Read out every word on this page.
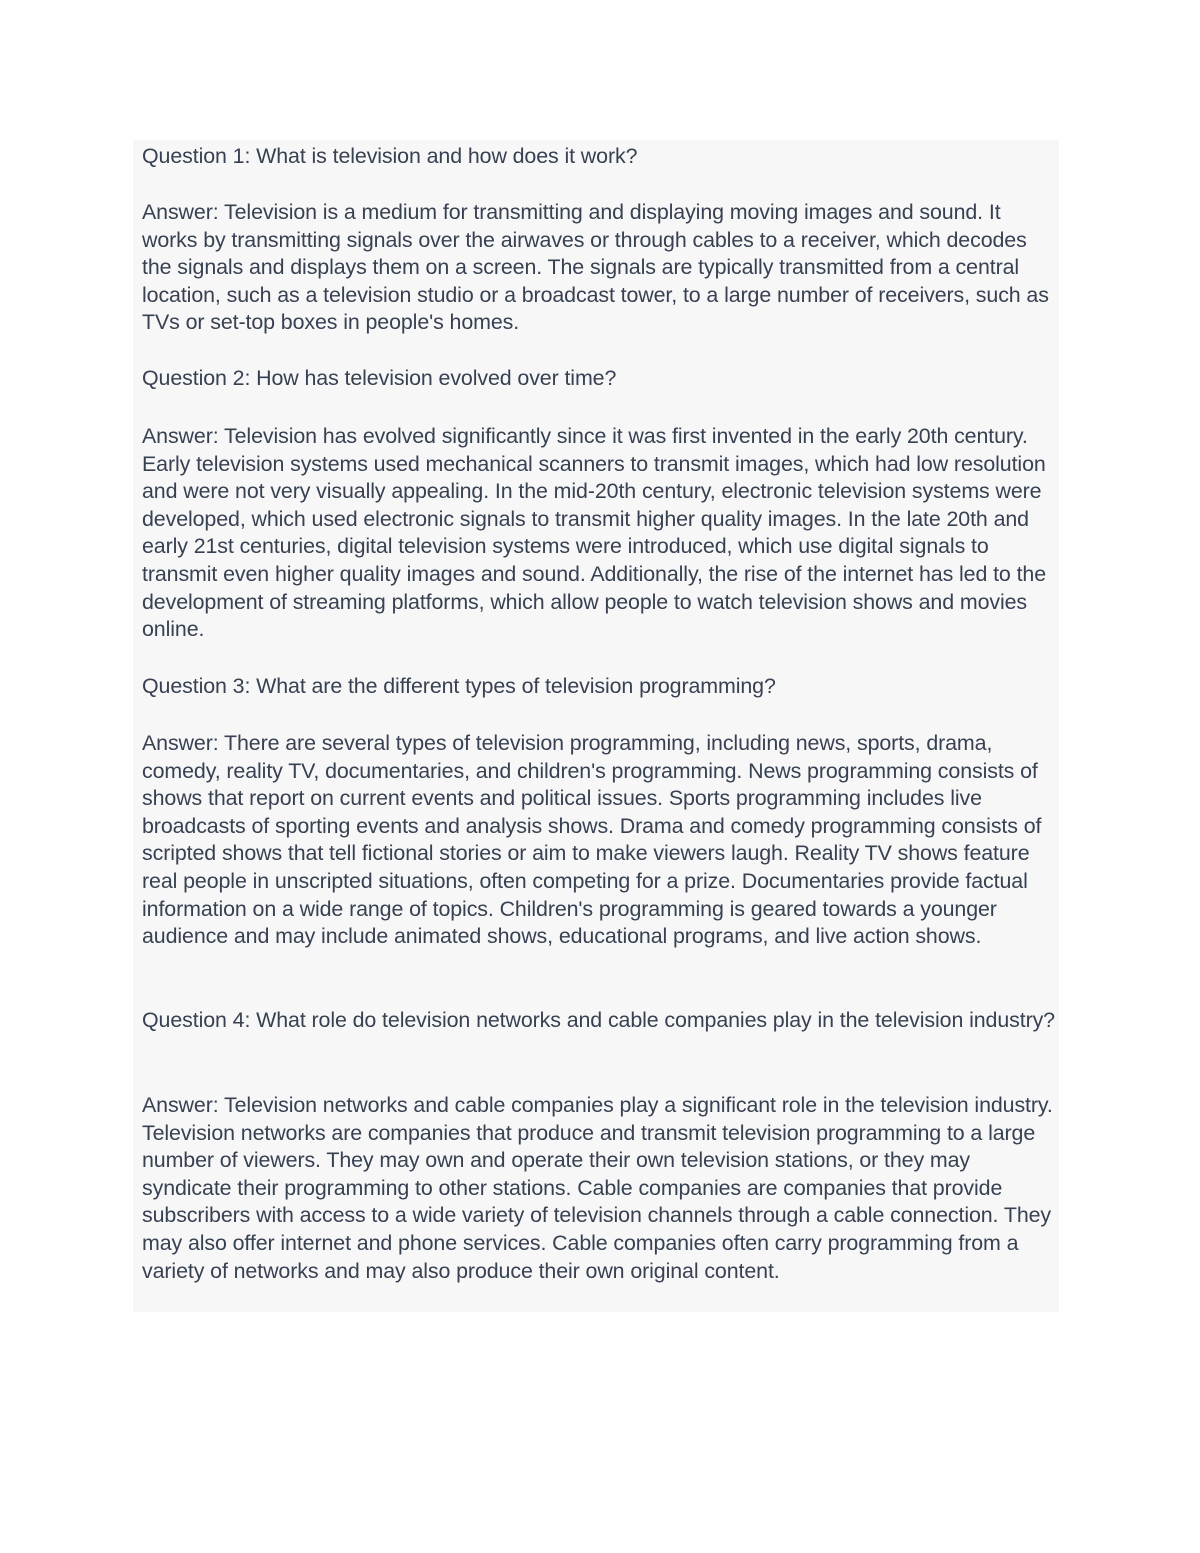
Question 1: What is television and how does it work?

Answer: Television is a medium for transmitting and displaying moving images and sound. It works by transmitting signals over the airwaves or through cables to a receiver, which decodes the signals and displays them on a screen. The signals are typically transmitted from a central location, such as a television studio or a broadcast tower, to a large number of receivers, such as TVs or set-top boxes in people's homes.

Question 2: How has television evolved over time?

Answer: Television has evolved significantly since it was first invented in the early 20th century. Early television systems used mechanical scanners to transmit images, which had low resolution and were not very visually appealing. In the mid-20th century, electronic television systems were developed, which used electronic signals to transmit higher quality images. In the late 20th and early 21st centuries, digital television systems were introduced, which use digital signals to transmit even higher quality images and sound. Additionally, the rise of the internet has led to the development of streaming platforms, which allow people to watch television shows and movies online.

Question 3: What are the different types of television programming?

Answer: There are several types of television programming, including news, sports, drama, comedy, reality TV, documentaries, and children's programming. News programming consists of shows that report on current events and political issues. Sports programming includes live broadcasts of sporting events and analysis shows. Drama and comedy programming consists of scripted shows that tell fictional stories or aim to make viewers laugh. Reality TV shows feature real people in unscripted situations, often competing for a prize. Documentaries provide factual information on a wide range of topics. Children's programming is geared towards a younger audience and may include animated shows, educational programs, and live action shows.

Question 4: What role do television networks and cable companies play in the television industry?

Answer: Television networks and cable companies play a significant role in the television industry. Television networks are companies that produce and transmit television programming to a large number of viewers. They may own and operate their own television stations, or they may syndicate their programming to other stations. Cable companies are companies that provide subscribers with access to a wide variety of television channels through a cable connection. They may also offer internet and phone services. Cable companies often carry programming from a variety of networks and may also produce their own original content.
